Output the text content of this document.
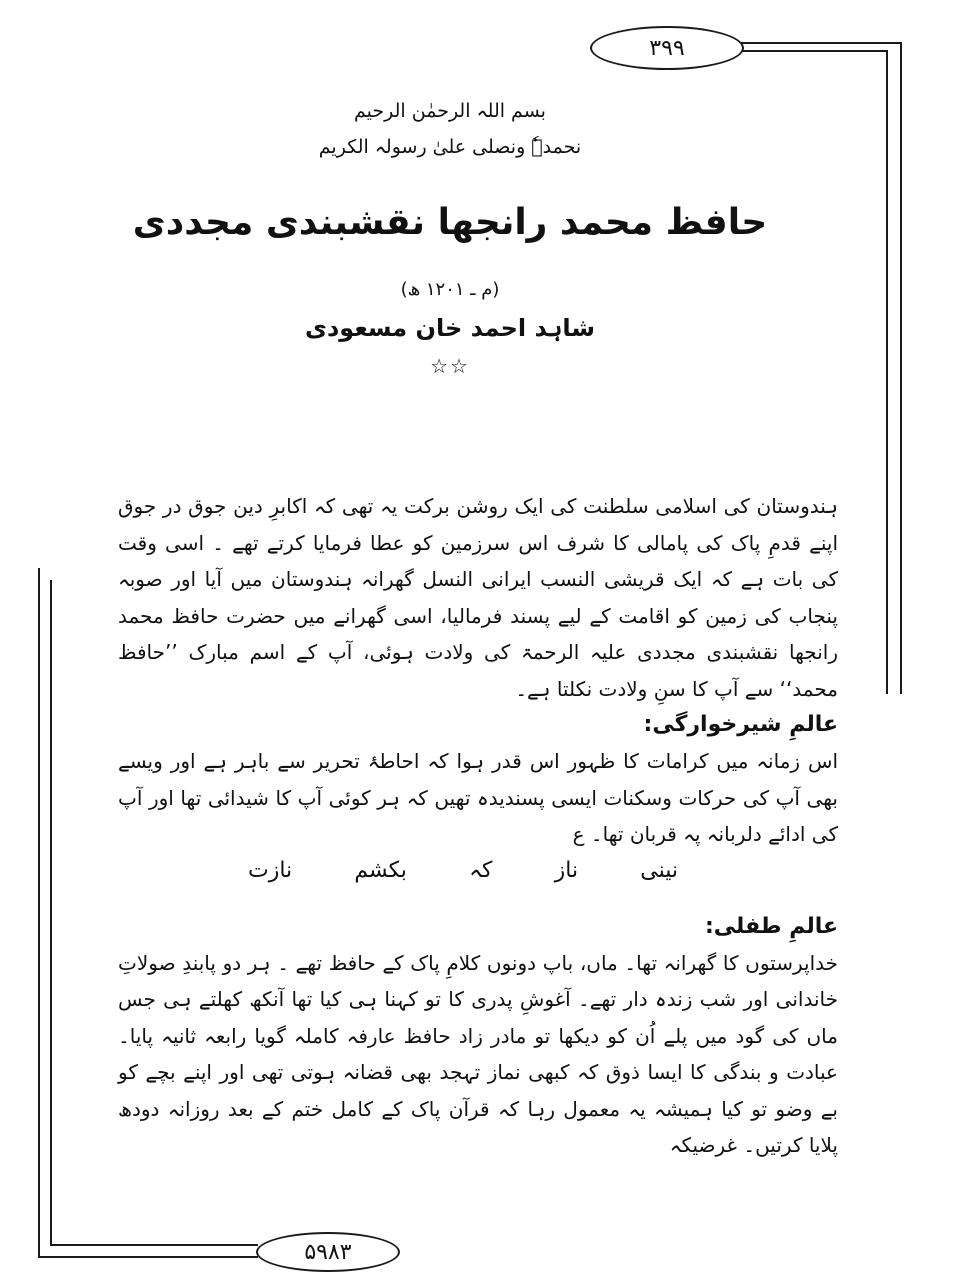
۳۹۹
۵۹۸۳
بسم اللہ الرحمٰن الرحیم
نحمدہٗ ونصلی علیٰ رسولہ الکریم
حافظ محمد رانجھا نقشبندی مجددی
(م ـ ۱۲۰۱ ھ)
شاہد احمد خان مسعودی
☆☆

ہندوستان کی اسلامی سلطنت کی ایک روشن برکت یہ تھی کہ اکابرِ دین جوق در جوق اپنے قدمِ پاک کی پامالی کا شرف اس سرزمین کو عطا فرمایا کرتے تھے ۔ اسی وقت کی بات ہے کہ ایک قریشی النسب ایرانی النسل گھرانہ ہندوستان میں آیا اور صوبہ پنجاب کی زمین کو اقامت کے لیے پسند فرمالیا، اسی گھرانے میں حضرت حافظ محمد رانجھا نقشبندی مجددی علیہ الرحمۃ کی ولادت ہوئی، آپ کے اسم مبارک ’’حافظ محمد‘‘ سے آپ کا سنِ ولادت نکلتا ہے۔

عالمِ شیرخوارگی:

اس زمانہ میں کرامات کا ظہور اس قدر ہوا کہ احاطۂ تحریر سے باہر ہے اور ویسے بھی آپ کی حرکات وسکنات ایسی پسندیدہ تھیں کہ ہر کوئی آپ کا شیدائی تھا اور آپ کی ادائے دلربانہ پہ قربان تھا۔ ع

نینی
ناز
کہ
بکشم
نازت

عالمِ طفلی:

خداپرستوں کا گھرانہ تھا۔ ماں، باپ دونوں کلامِ پاک کے حافظ تھے ۔ ہر دو پابندِ صولاتِ خاندانی اور شب زندہ دار تھے۔ آغوشِ پدری کا تو کہنا ہی کیا تھا آنکھ کھلتے ہی جس ماں کی گود میں پلے اُن کو دیکھا تو مادر زاد حافظ عارفہ کاملہ گویا رابعہ ثانیہ پایا۔ عبادت و بندگی کا ایسا ذوق کہ کبھی نماز تہجد بھی قضانہ ہوتی تھی اور اپنے بچے کو بے وضو تو کیا ہمیشہ یہ معمول رہا کہ قرآن پاک کے کامل ختم کے بعد روزانہ دودھ پلایا کرتیں۔ غرضیکہ
